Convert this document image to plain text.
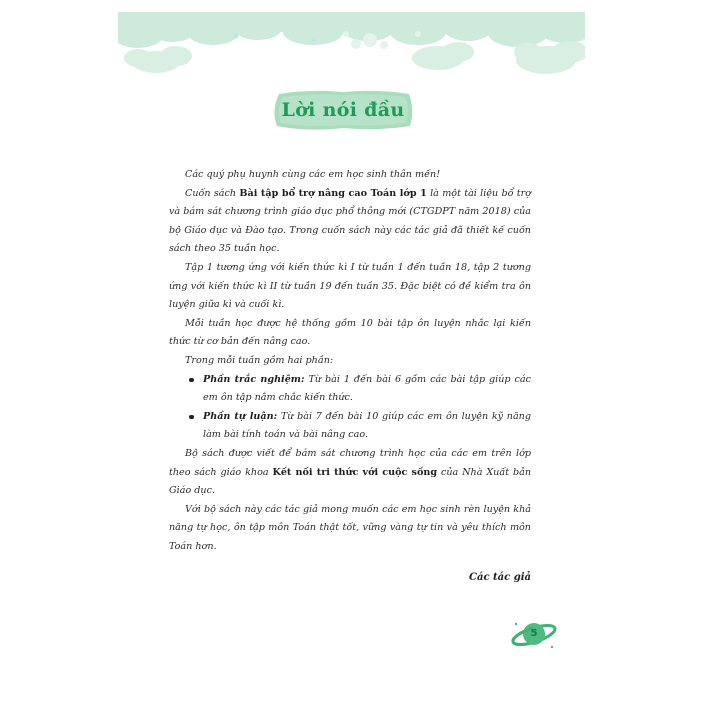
Lời nói đầu

Các quý phụ huynh cùng các em học sinh thân mến!

Cuốn sách Bài tập bổ trợ nâng cao Toán lớp 1 là một tài liệu bổ trợ và bám sát chương trình giáo dục phổ thông mới (CTGDPT năm 2018) của bộ Giáo dục và Đào tạo. Trong cuốn sách này các tác giả đã thiết kế cuốn sách theo 35 tuần học.

Tập 1 tương ứng với kiến thức kì I từ tuần 1 đến tuần 18, tập 2 tương ứng với kiến thức kì II từ tuần 19 đến tuần 35. Đặc biệt có đề kiểm tra ôn luyện giữa kì và cuối kì.

Mỗi tuần học được hệ thống gồm 10 bài tập ôn luyện nhắc lại kiến thức từ cơ bản đến nâng cao.

Trong mỗi tuần gồm hai phần:

Phần trắc nghiệm: Từ bài 1 đến bài 6 gồm các bài tập giúp các em ôn tập nắm chắc kiến thức.
Phần tự luận: Từ bài 7 đến bài 10 giúp các em ôn luyện kỹ năng làm bài tính toán và bài nâng cao.

Bộ sách được viết để bám sát chương trình học của các em trên lớp theo sách giáo khoa Kết nối tri thức với cuộc sống của Nhà Xuất bản Giáo dục.

Với bộ sách này các tác giả mong muốn các em học sinh rèn luyện khả năng tự học, ôn tập môn Toán thật tốt, vững vàng tự tin và yêu thích môn Toán hơn.

Các tác giả
5
